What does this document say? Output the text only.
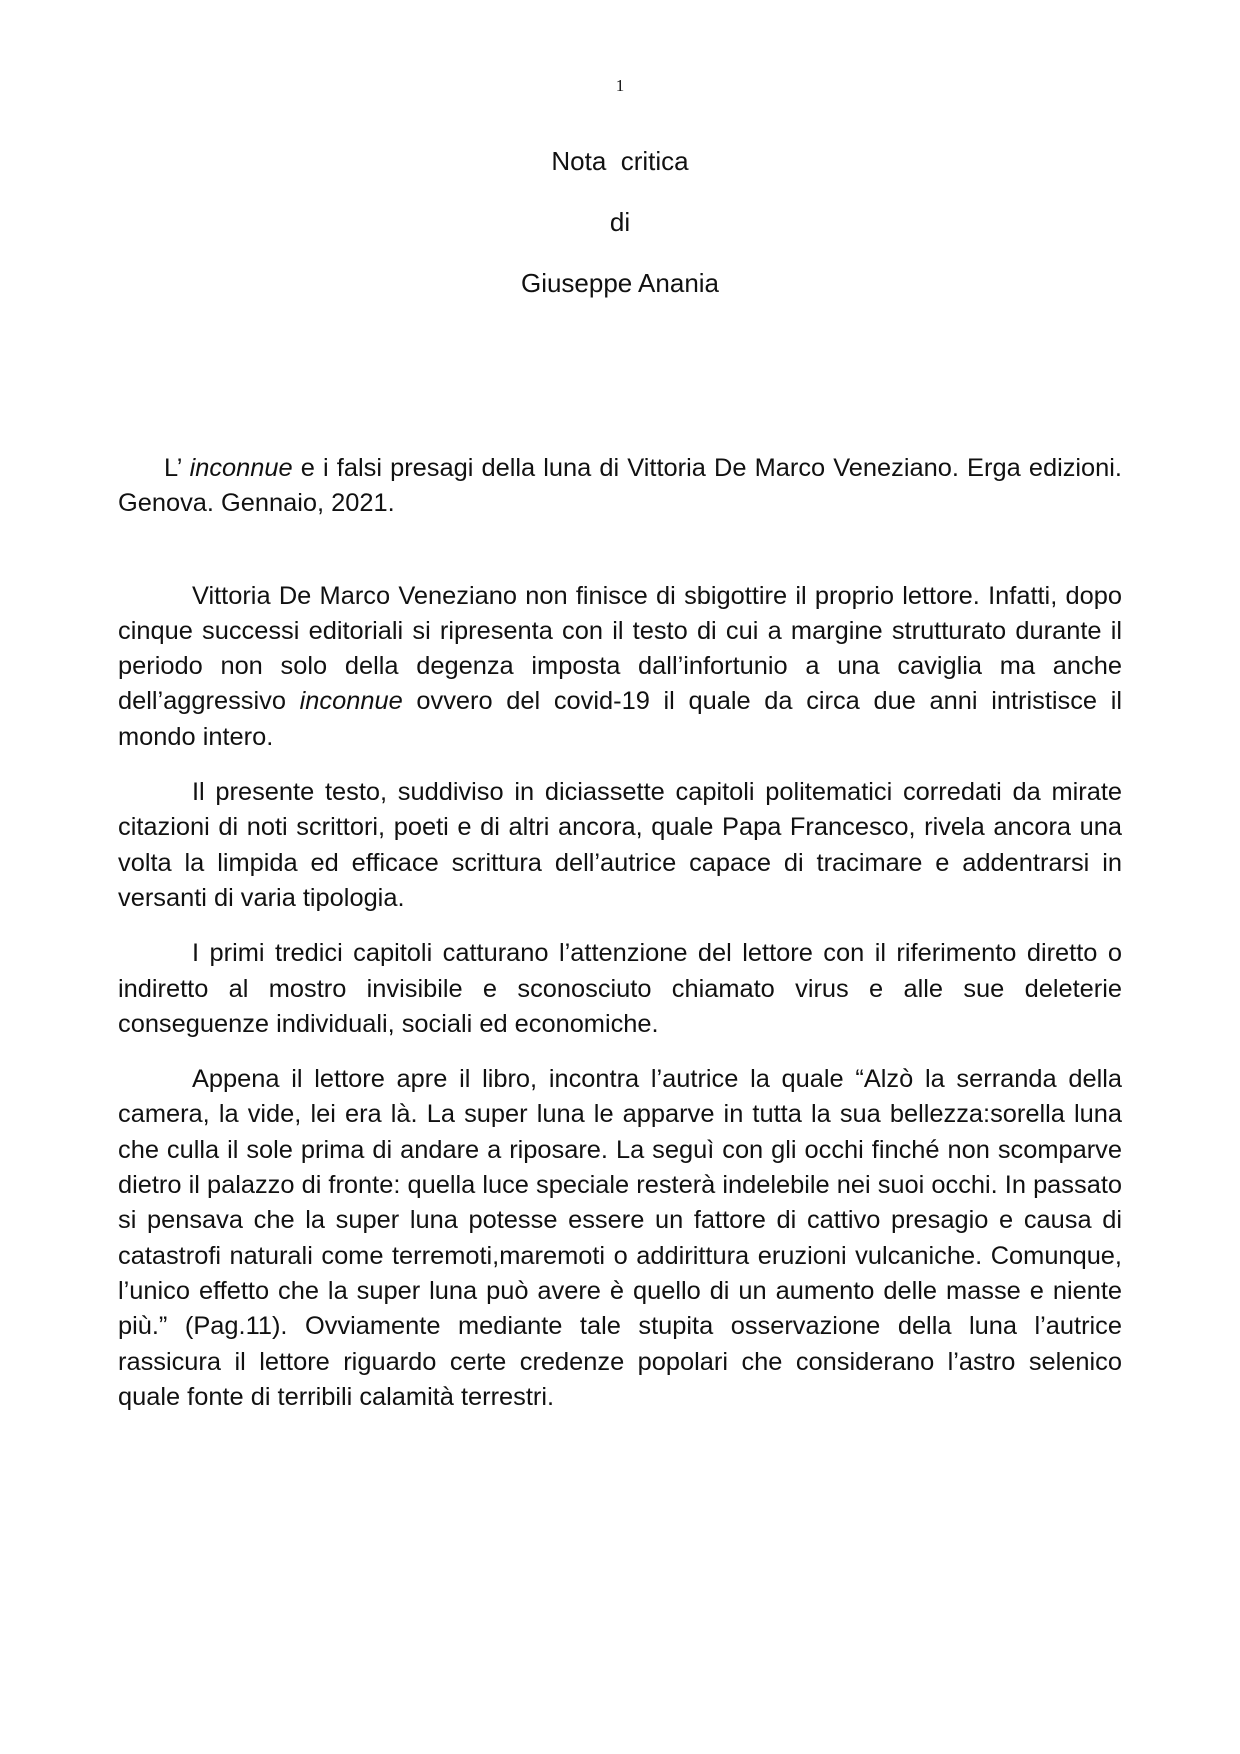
1
Nota  critica
di
Giuseppe Anania

L’ inconnue e i falsi presagi della luna di Vittoria De Marco Veneziano. Erga edizioni. Genova. Gennaio, 2021.

Vittoria De Marco Veneziano non finisce di sbigottire il proprio lettore. Infatti, dopo cinque successi editoriali si ripresenta con il testo di cui a margine strutturato durante il periodo non solo della degenza imposta dall’infortunio a una caviglia ma anche dell’aggressivo inconnue ovvero del covid-19 il quale da circa due anni intristisce il mondo intero.

Il presente testo, suddiviso in diciassette capitoli politematici corredati da mirate citazioni di noti scrittori, poeti e di altri ancora, quale Papa Francesco, rivela ancora una volta la limpida ed efficace scrittura dell’autrice capace di tracimare e addentrarsi in versanti di varia tipologia.

I primi tredici capitoli catturano l’attenzione del lettore con il riferimento diretto o indiretto al mostro invisibile e sconosciuto chiamato virus e alle sue deleterie conseguenze individuali, sociali ed economiche.

Appena il lettore apre il libro, incontra l’autrice la quale “Alzò la serranda della camera, la vide, lei era là. La super luna le apparve in tutta la sua bellezza:sorella luna che culla il sole prima di andare a riposare. La seguì con gli occhi finché non scomparve dietro il palazzo di fronte: quella luce speciale resterà indelebile nei suoi occhi. In passato si pensava che la super luna potesse essere un fattore di cattivo presagio e causa di catastrofi naturali come terremoti,maremoti o addirittura eruzioni vulcaniche. Comunque, l’unico effetto che la super luna può avere è quello di un aumento delle masse e niente più.” (Pag.11). Ovviamente mediante tale stupita osservazione della luna l’autrice rassicura il lettore riguardo certe credenze popolari che considerano l’astro selenico quale fonte di terribili calamità terrestri.
